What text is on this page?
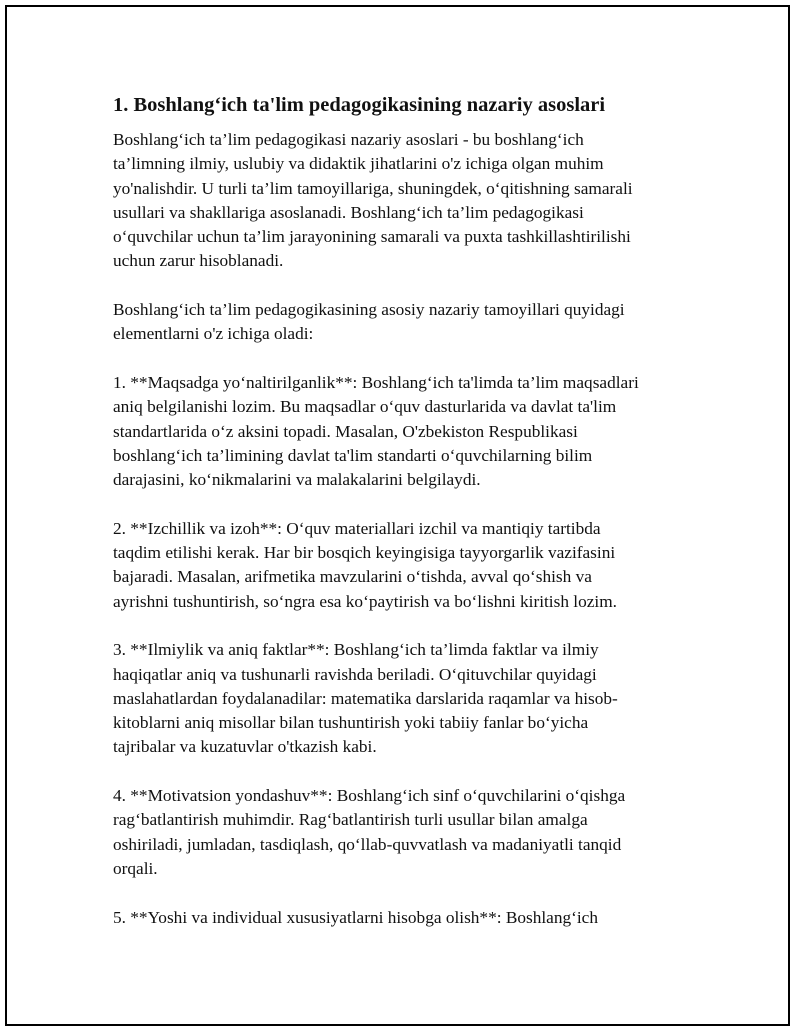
1. Boshlang‘ich ta'lim pedagogikasining nazariy asoslari

Boshlang‘ich ta’lim pedagogikasi nazariy asoslari - bu boshlang‘ich
ta’limning ilmiy, uslubiy va didaktik jihatlarini o'z ichiga olgan muhim
yo'nalishdir. U turli ta’lim tamoyillariga, shuningdek, o‘qitishning samarali
usullari va shakllariga asoslanadi. Boshlang‘ich ta’lim pedagogikasi
o‘quvchilar uchun ta’lim jarayonining samarali va puxta tashkillashtirilishi
uchun zarur hisoblanadi.

Boshlang‘ich ta’lim pedagogikasining asosiy nazariy tamoyillari quyidagi
elementlarni o'z ichiga oladi:

1. **Maqsadga yo‘naltirilganlik**: Boshlang‘ich ta'limda ta’lim maqsadlari
aniq belgilanishi lozim. Bu maqsadlar o‘quv dasturlarida va davlat ta'lim
standartlarida o‘z aksini topadi. Masalan, O'zbekiston Respublikasi
boshlang‘ich ta’limining davlat ta'lim standarti o‘quvchilarning bilim
darajasini, ko‘nikmalarini va malakalarini belgilaydi.

2. **Izchillik va izoh**: O‘quv materiallari izchil va mantiqiy tartibda
taqdim etilishi kerak. Har bir bosqich keyingisiga tayyorgarlik vazifasini
bajaradi. Masalan, arifmetika mavzularini o‘tishda, avval qo‘shish va
ayrishni tushuntirish, so‘ngra esa ko‘paytirish va bo‘lishni kiritish lozim.

3. **Ilmiylik va aniq faktlar**: Boshlang‘ich ta’limda faktlar va ilmiy
haqiqatlar aniq va tushunarli ravishda beriladi. O‘qituvchilar quyidagi
maslahatlardan foydalanadilar: matematika darslarida raqamlar va hisob-
kitoblarni aniq misollar bilan tushuntirish yoki tabiiy fanlar bo‘yicha
tajribalar va kuzatuvlar o'tkazish kabi.

4. **Motivatsion yondashuv**: Boshlang‘ich sinf o‘quvchilarini o‘qishga
rag‘batlantirish muhimdir. Rag‘batlantirish turli usullar bilan amalga
oshiriladi, jumladan, tasdiqlash, qo‘llab-quvvatlash va madaniyatli tanqid
orqali.

5. **Yoshi va individual xususiyatlarni hisobga olish**: Boshlang‘ich
